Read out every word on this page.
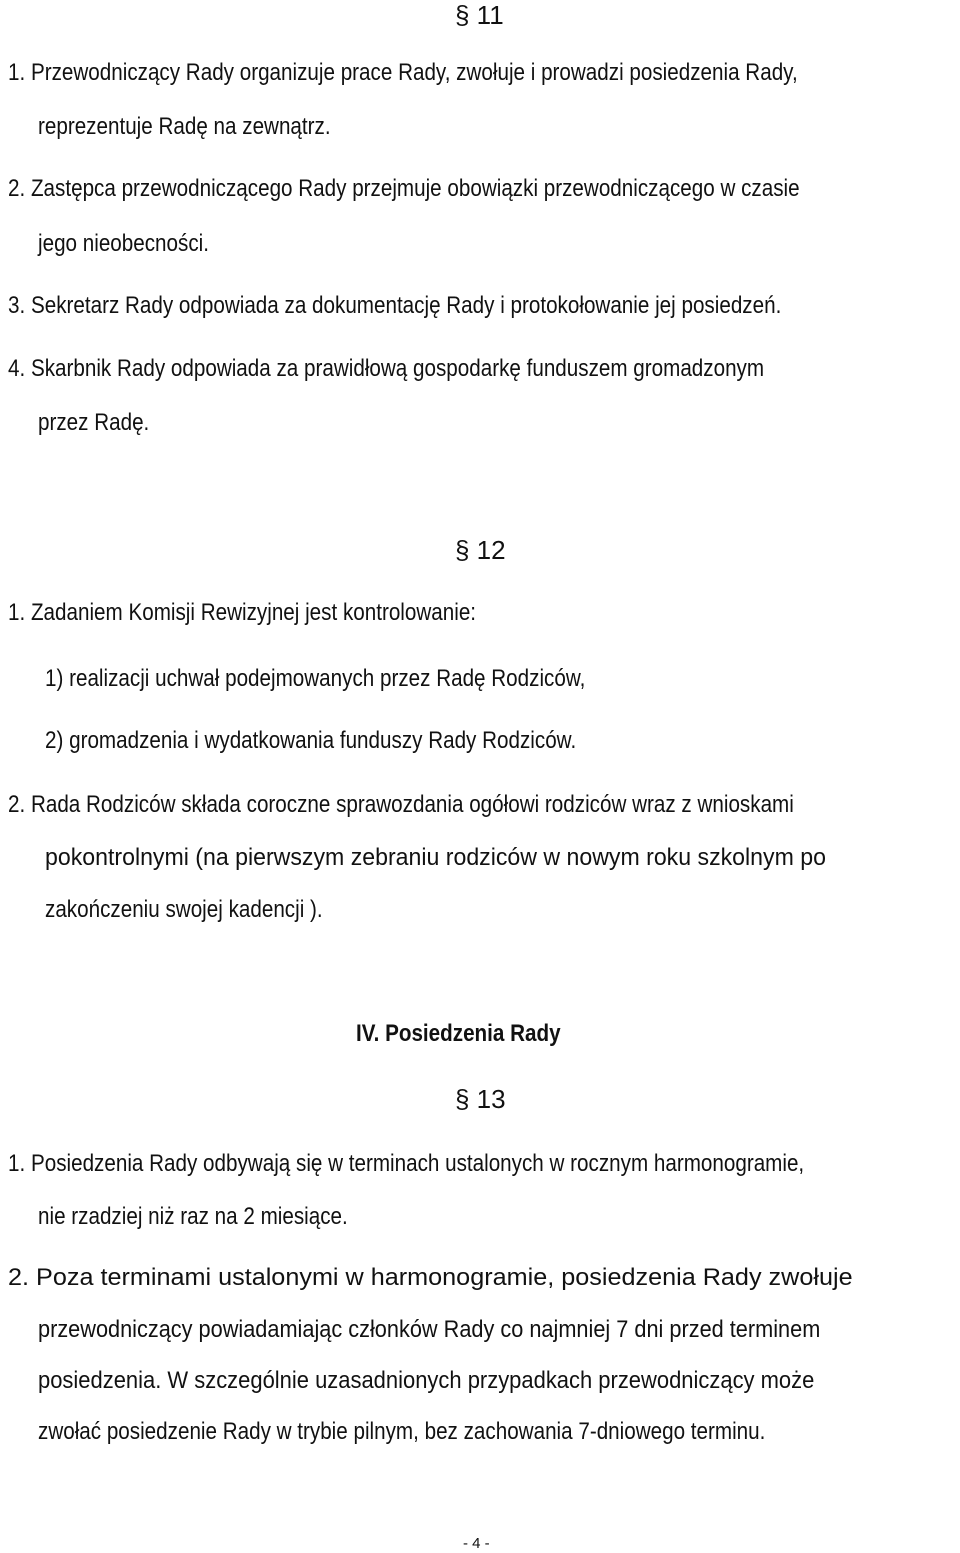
§ 11
1. Przewodniczący Rady organizuje prace Rady, zwołuje i prowadzi posiedzenia Rady,
reprezentuje Radę na zewnątrz.
2. Zastępca przewodniczącego Rady przejmuje obowiązki przewodniczącego w czasie
jego nieobecności.
3. Sekretarz Rady odpowiada za dokumentację Rady i protokołowanie jej posiedzeń.
4. Skarbnik Rady odpowiada za prawidłową gospodarkę funduszem gromadzonym
przez Radę.
§ 12
1. Zadaniem Komisji Rewizyjnej jest kontrolowanie:
1) realizacji uchwał podejmowanych przez Radę Rodziców,
2) gromadzenia i wydatkowania funduszy Rady Rodziców.
2. Rada Rodziców składa coroczne sprawozdania ogółowi rodziców wraz z wnioskami
pokontrolnymi (na pierwszym zebraniu rodziców w nowym roku szkolnym po
zakończeniu swojej kadencji ).
IV. Posiedzenia Rady
§ 13
1. Posiedzenia Rady odbywają się w terminach ustalonych w rocznym harmonogramie,
nie rzadziej niż raz na 2 miesiące.
2. Poza terminami ustalonymi w harmonogramie, posiedzenia Rady zwołuje
przewodniczący powiadamiając członków Rady co najmniej 7 dni przed terminem
posiedzenia. W szczególnie uzasadnionych przypadkach przewodniczący może
zwołać posiedzenie Rady w trybie pilnym, bez zachowania 7-dniowego terminu.
- 4 -
